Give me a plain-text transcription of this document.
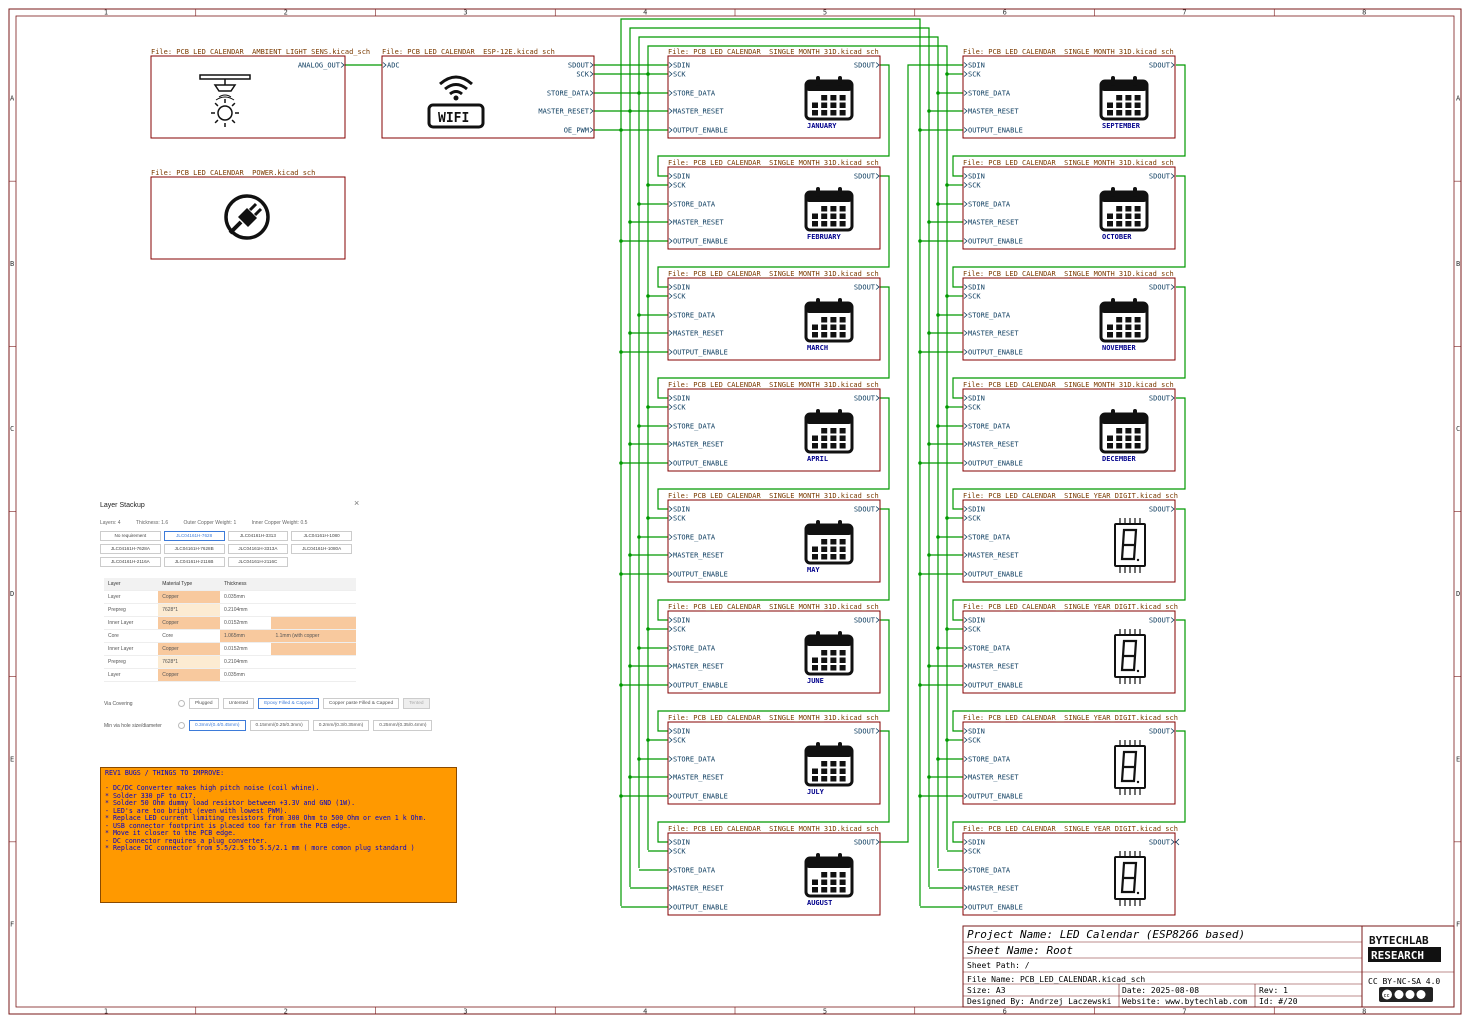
1
1
2
2
3
3
4
4
5
5
6
6
7
7
8
8
A	A
B	B
C	C
D	D
E	E
F	F
File: PCB_LED_CALENDAR__SINGLE_MONTH_31D.kicad_sch
SDIN
SCK
STORE_DATA
MASTER_RESET
OUTPUT_ENABLE
SDOUT
JANUARY
File: PCB_LED_CALENDAR__SINGLE_MONTH_31D.kicad_sch
SDIN
SCK
STORE_DATA
MASTER_RESET
OUTPUT_ENABLE
SDOUT
FEBRUARY
File: PCB_LED_CALENDAR__SINGLE_MONTH_31D.kicad_sch
SDIN
SCK
STORE_DATA
MASTER_RESET
OUTPUT_ENABLE
SDOUT
MARCH
File: PCB_LED_CALENDAR__SINGLE_MONTH_31D.kicad_sch
SDIN
SCK
STORE_DATA
MASTER_RESET
OUTPUT_ENABLE
SDOUT
APRIL
File: PCB_LED_CALENDAR__SINGLE_MONTH_31D.kicad_sch
SDIN
SCK
STORE_DATA
MASTER_RESET
OUTPUT_ENABLE
SDOUT
MAY
File: PCB_LED_CALENDAR__SINGLE_MONTH_31D.kicad_sch
SDIN
SCK
STORE_DATA
MASTER_RESET
OUTPUT_ENABLE
SDOUT
JUNE
File: PCB_LED_CALENDAR__SINGLE_MONTH_31D.kicad_sch
SDIN
SCK
STORE_DATA
MASTER_RESET
OUTPUT_ENABLE
SDOUT
JULY
File: PCB_LED_CALENDAR__SINGLE_MONTH_31D.kicad_sch
SDIN
SCK
STORE_DATA
MASTER_RESET
OUTPUT_ENABLE
SDOUT
AUGUST
File: PCB_LED_CALENDAR__SINGLE_MONTH_31D.kicad_sch
SDIN
SCK
STORE_DATA
MASTER_RESET
OUTPUT_ENABLE
SDOUT
SEPTEMBER
File: PCB_LED_CALENDAR__SINGLE_MONTH_31D.kicad_sch
SDIN
SCK
STORE_DATA
MASTER_RESET
OUTPUT_ENABLE
SDOUT
OCTOBER
File: PCB_LED_CALENDAR__SINGLE_MONTH_31D.kicad_sch
SDIN
SCK
STORE_DATA
MASTER_RESET
OUTPUT_ENABLE
SDOUT
NOVEMBER
File: PCB_LED_CALENDAR__SINGLE_MONTH_31D.kicad_sch
SDIN
SCK
STORE_DATA
MASTER_RESET
OUTPUT_ENABLE
SDOUT
DECEMBER
File: PCB_LED_CALENDAR__SINGLE_YEAR_DIGIT.kicad_sch
SDIN
SCK
STORE_DATA
MASTER_RESET
OUTPUT_ENABLE
SDOUT
File: PCB_LED_CALENDAR__SINGLE_YEAR_DIGIT.kicad_sch
SDIN
SCK
STORE_DATA
MASTER_RESET
OUTPUT_ENABLE
SDOUT
File: PCB_LED_CALENDAR__SINGLE_YEAR_DIGIT.kicad_sch
SDIN
SCK
STORE_DATA
MASTER_RESET
OUTPUT_ENABLE
SDOUT
File: PCB_LED_CALENDAR__SINGLE_YEAR_DIGIT.kicad_sch
SDIN
SCK
STORE_DATA
MASTER_RESET
OUTPUT_ENABLE
SDOUT
File: PCB_LED_CALENDAR__AMBIENT_LIGHT_SENS.kicad_sch
ANALOG_OUT
File: PCB_LED_CALENDAR__ESP-12E.kicad_sch
ADC	SDOUT
SCK
STORE_DATA
MASTER_RESET
OE_PWM
WIFI
File: PCB_LED_CALENDAR__POWER.kicad_sch
Project Name: LED Calendar (ESP8266 based)
Sheet Name: Root
Sheet Path: /
File Name: PCB_LED_CALENDAR.kicad_sch
Size: A3	Date: 2025-08-08	Rev: 1
Designed By: Andrzej Laczewski Website: www.bytechlab.com Id: #/20
BYTECHLAB
RESEARCH
CC BY-NC-SA 4.0
cc
Layer Stackup	×
Layers: 4	Thickness: 1.6	Outer Copper Weight: 1	Inner Copper Weight: 0.5
No requirement	JLC04161H-7628	JLC04161H-3313	JLC04161H-1080
JLC04161H-7628A	JLC04161H-7628B	JLC04161H-3313A	JLC04161H-1080A
JLC04161H-2116A	JLC04161H-2116B	JLC04161H-2116C
Layer	Material Type	Thickness	
Layer	Copper	0.035mm	
Prepreg	7628*1	0.2104mm	
Inner Layer	Copper	0.0152mm	
Core	Core	1.065mm	1.1mm (with copper
Inner Layer	Copper	0.0152mm	
Prepreg	7628*1	0.2104mm	
Layer	Copper	0.035mm	
Via Covering	Plugged	Untented	Epoxy Filled & Capped	Copper paste Filled & Capped	Tented
Min via hole size/diameter	0.3mm/(0.4/0.45mm)	0.15mm/(0.25/0.3mm)	0.2mm/(0.3/0.35mm)	0.25mm/(0.35/0.4mm)
REV1 BUGS / THINGS TO IMPROVE:

- DC/DC Converter makes high pitch noise (coil whine).
* Solder 330 pF to C17.
* Solder 50 Ohm dummy load resistor between +3.3V and GND (1W).
- LED's are too bright (even with lowest PWM).
* Replace LED current limiting resistors from 300 Ohm to 500 Ohm or even 1 k Ohm.
- USB connector footprint is placed too far from the PCB edge.
* Move it closer to the PCB edge.
- DC connector requires a plug converter.
* Replace DC connector from 5.5/2.5 to 5.5/2.1 mm ( more comon plug standard )
